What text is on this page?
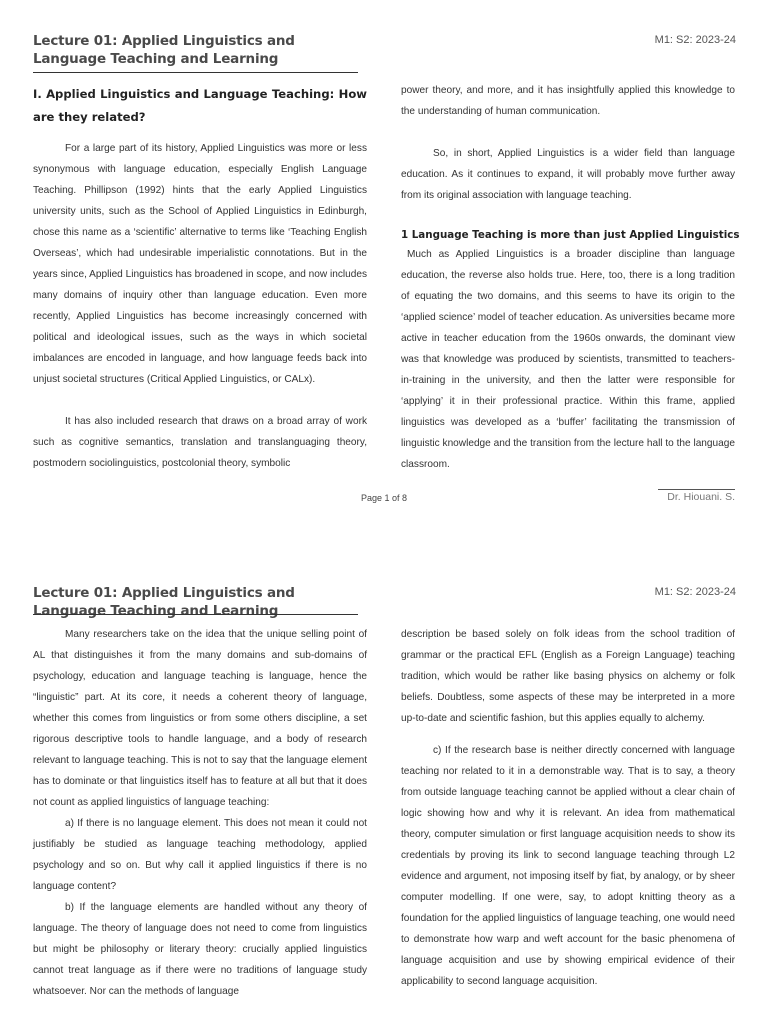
Lecture 01: Applied Linguistics and Language Teaching and Learning
M1: S2: 2023-24
I. Applied Linguistics and Language Teaching: How are they related?

For a large part of its history, Applied Linguistics was more or less synonymous with language education, especially English Language Teaching. Phillipson (1992) hints that the early Applied Linguistics university units, such as the School of Applied Linguistics in Edinburgh, chose this name as a ‘scientific’ alternative to terms like ‘Teaching English Overseas’, which had undesirable imperialistic connotations. But in the years since, Applied Linguistics has broadened in scope, and now includes many domains of inquiry other than language education. Even more recently, Applied Linguistics has become increasingly concerned with political and ideological issues, such as the ways in which societal imbalances are encoded in language, and how language feeds back into unjust societal structures (Critical Applied Linguistics, or CALx).

It has also included research that draws on a broad array of work such as cognitive semantics, translation and translanguaging theory, postmodern sociolinguistics, postcolonial theory, symbolic

power theory, and more, and it has insightfully applied this knowledge to the understanding of human communication.

So, in short, Applied Linguistics is a wider field than language education. As it continues to expand, it will probably move further away from its original association with language teaching.

1 Language Teaching is more than just Applied Linguistics

Much as Applied Linguistics is a broader discipline than language education, the reverse also holds true. Here, too, there is a long tradition of equating the two domains, and this seems to have its origin to the ‘applied science’ model of teacher education. As universities became more active in teacher education from the 1960s onwards, the dominant view was that knowledge was produced by scientists, transmitted to teachers-in-training in the university, and then the latter were responsible for ‘applying’ it in their professional practice. Within this frame, applied linguistics was developed as a ‘buffer’ facilitating the transmission of linguistic knowledge and the transition from the lecture hall to the language classroom.

Page 1 of 8	Dr. Hiouani. S.
Lecture 01: Applied Linguistics and Language Teaching and Learning
M1: S2: 2023-24

Many researchers take on the idea that the unique selling point of AL that distinguishes it from the many domains and sub-domains of psychology, education and language teaching is language, hence the “linguistic” part. At its core, it needs a coherent theory of language, whether this comes from linguistics or from some others discipline, a set rigorous descriptive tools to handle language, and a body of research relevant to language teaching. This is not to say that the language element has to dominate or that linguistics itself has to feature at all but that it does not count as applied linguistics of language teaching:

a) If there is no language element. This does not mean it could not justifiably be studied as language teaching methodology, applied psychology and so on. But why call it applied linguistics if there is no language content?

b) If the language elements are handled without any theory of language. The theory of language does not need to come from linguistics but might be philosophy or literary theory: crucially applied linguistics cannot treat language as if there were no traditions of language study whatsoever. Nor can the methods of language

description be based solely on folk ideas from the school tradition of grammar or the practical EFL (English as a Foreign Language) teaching tradition, which would be rather like basing physics on alchemy or folk beliefs. Doubtless, some aspects of these may be interpreted in a more up-to-date and scientific fashion, but this applies equally to alchemy.

c) If the research base is neither directly concerned with language teaching nor related to it in a demonstrable way. That is to say, a theory from outside language teaching cannot be applied without a clear chain of logic showing how and why it is relevant. An idea from mathematical theory, computer simulation or first language acquisition needs to show its credentials by proving its link to second language teaching through L2 evidence and argument, not imposing itself by fiat, by analogy, or by sheer computer modelling. If one were, say, to adopt knitting theory as a foundation for the applied linguistics of language teaching, one would need to demonstrate how warp and weft account for the basic phenomena of language acquisition and use by showing empirical evidence of their applicability to second language acquisition.
